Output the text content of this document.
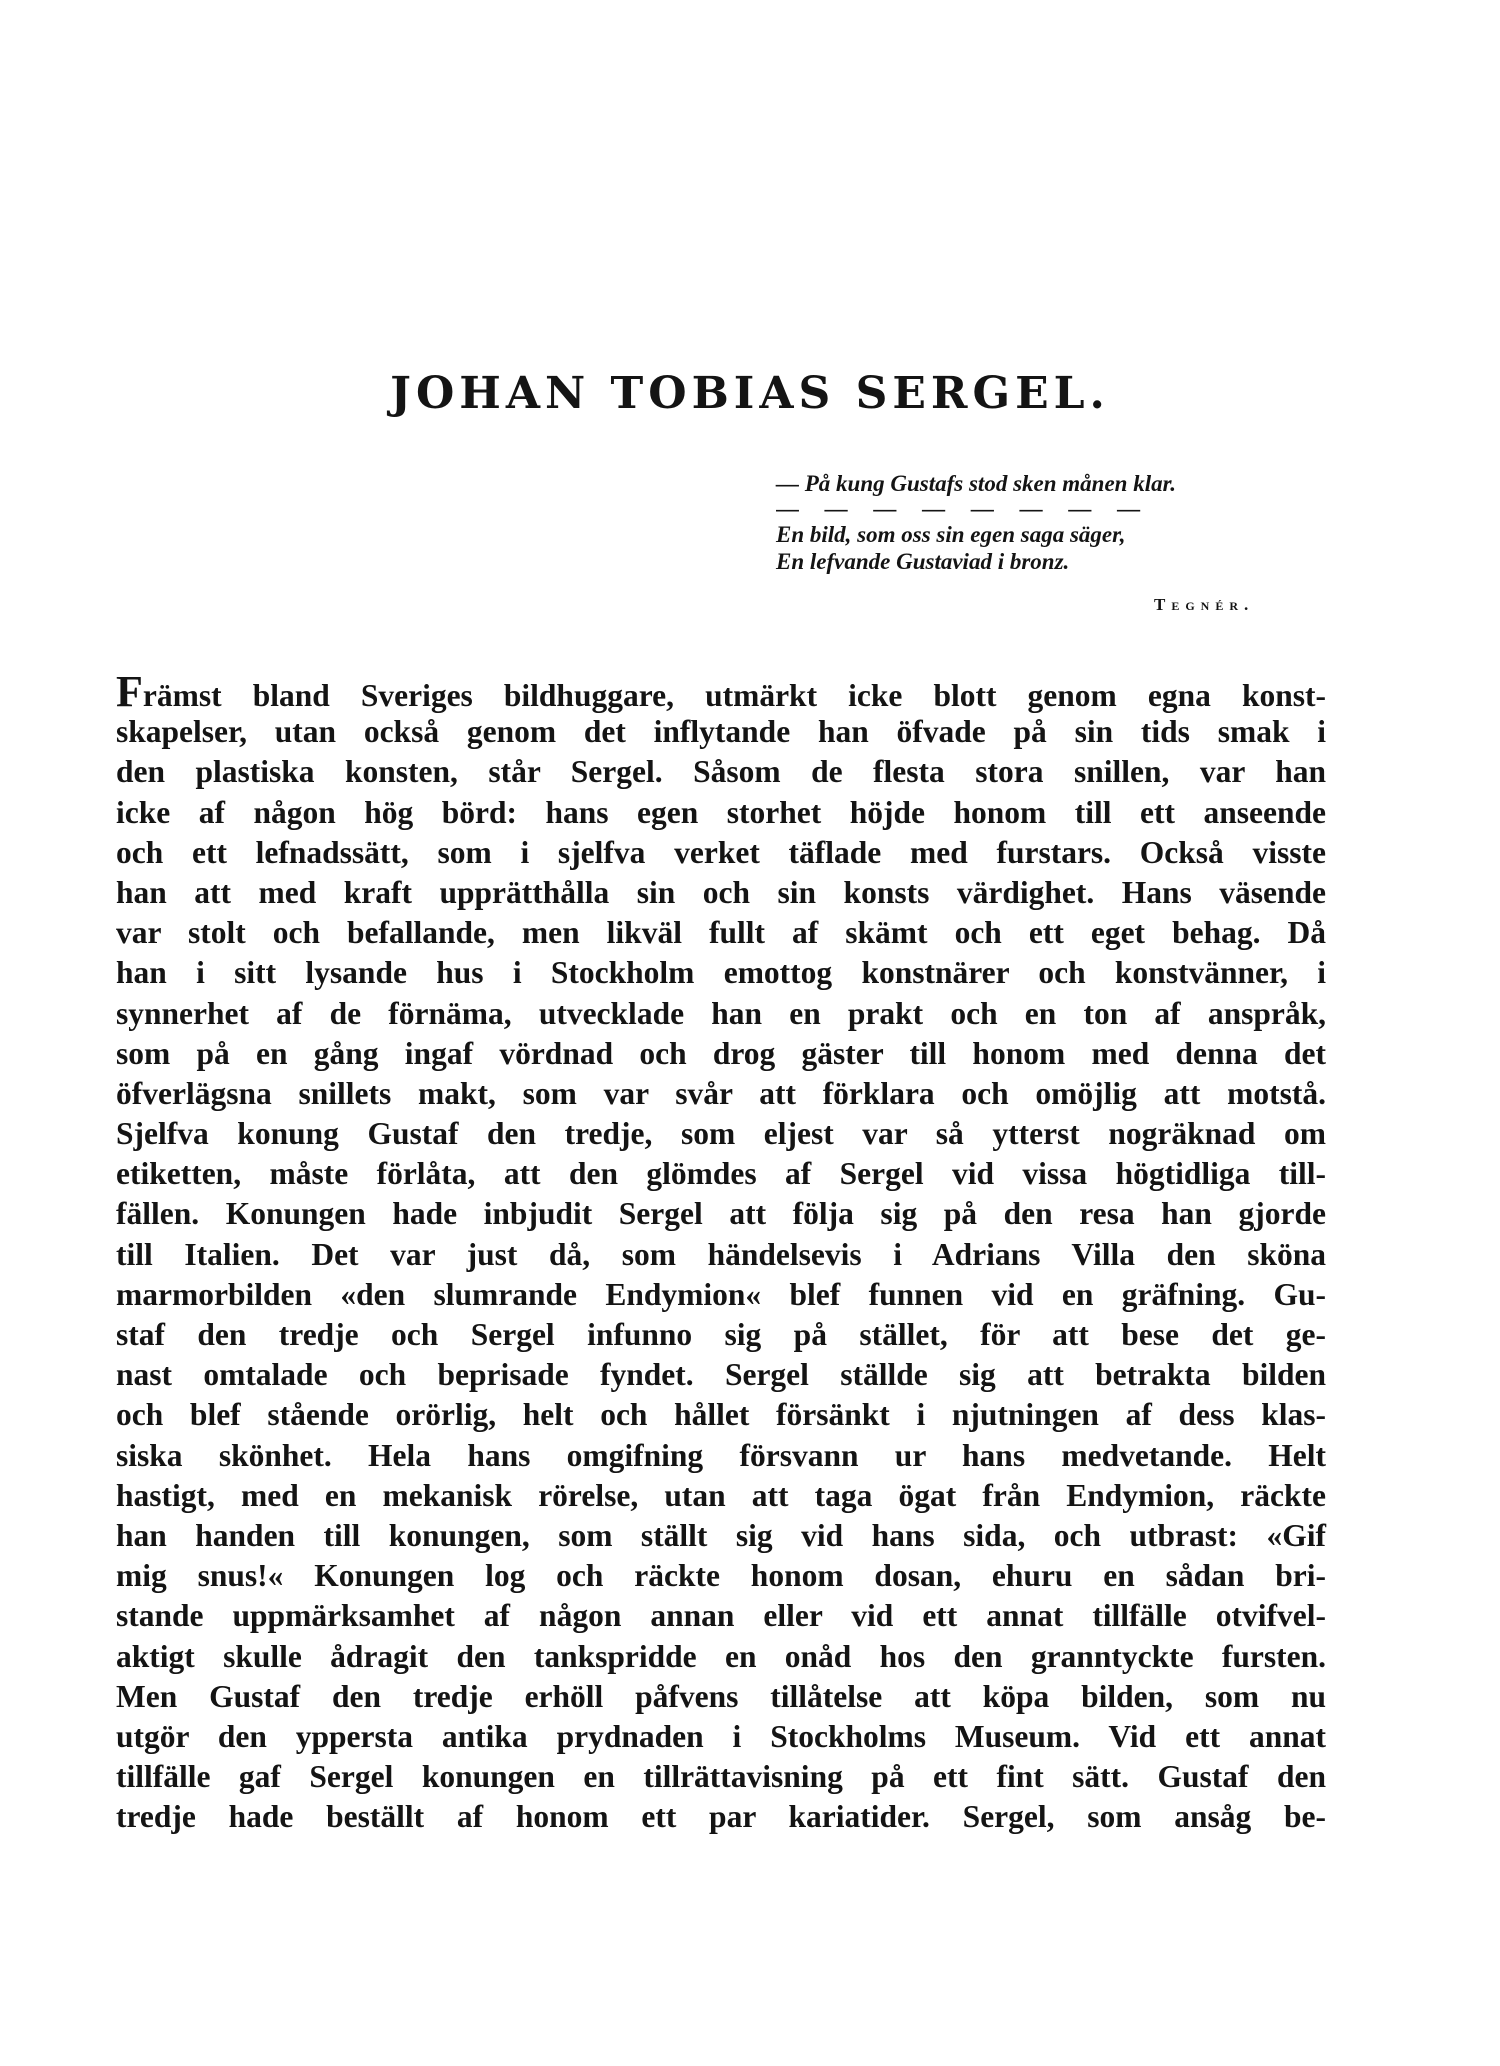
JOHAN TOBIAS SERGEL.
— På kung Gustafs stod sken månen klar.
— — — — — — — —
En bild, som oss sin egen saga säger,
En lefvande Gustaviad i bronz.
Tegnér.
Främst bland Sveriges bildhuggare, utmärkt icke blott genom egna konst-
skapelser, utan också genom det inflytande han öfvade på sin tids smak i
den plastiska konsten, står Sergel. Såsom de flesta stora snillen, var han
icke af någon hög börd: hans egen storhet höjde honom till ett anseende
och ett lefnadssätt, som i sjelfva verket täflade med furstars. Också visste
han att med kraft upprätthålla sin och sin konsts värdighet. Hans väsende
var stolt och befallande, men likväl fullt af skämt och ett eget behag. Då
han i sitt lysande hus i Stockholm emottog konstnärer och konstvänner, i
synnerhet af de förnäma, utvecklade han en prakt och en ton af anspråk,
som på en gång ingaf vördnad och drog gäster till honom med denna det
öfverlägsna snillets makt, som var svår att förklara och omöjlig att motstå.
Sjelfva konung Gustaf den tredje, som eljest var så ytterst nogräknad om
etiketten, måste förlåta, att den glömdes af Sergel vid vissa högtidliga till-
fällen. Konungen hade inbjudit Sergel att följa sig på den resa han gjorde
till Italien. Det var just då, som händelsevis i Adrians Villa den sköna
marmorbilden «den slumrande Endymion« blef funnen vid en gräfning. Gu-
staf den tredje och Sergel infunno sig på stället, för att bese det ge-
nast omtalade och beprisade fyndet. Sergel ställde sig att betrakta bilden
och blef stående orörlig, helt och hållet försänkt i njutningen af dess klas-
siska skönhet. Hela hans omgifning försvann ur hans medvetande. Helt
hastigt, med en mekanisk rörelse, utan att taga ögat från Endymion, räckte
han handen till konungen, som ställt sig vid hans sida, och utbrast: «Gif
mig snus!« Konungen log och räckte honom dosan, ehuru en sådan bri-
stande uppmärksamhet af någon annan eller vid ett annat tillfälle otvifvel-
aktigt skulle ådragit den tankspridde en onåd hos den granntyckte fursten.
Men Gustaf den tredje erhöll påfvens tillåtelse att köpa bilden, som nu
utgör den yppersta antika prydnaden i Stockholms Museum. Vid ett annat
tillfälle gaf Sergel konungen en tillrättavisning på ett fint sätt. Gustaf den
tredje hade beställt af honom ett par kariatider. Sergel, som ansåg be-
